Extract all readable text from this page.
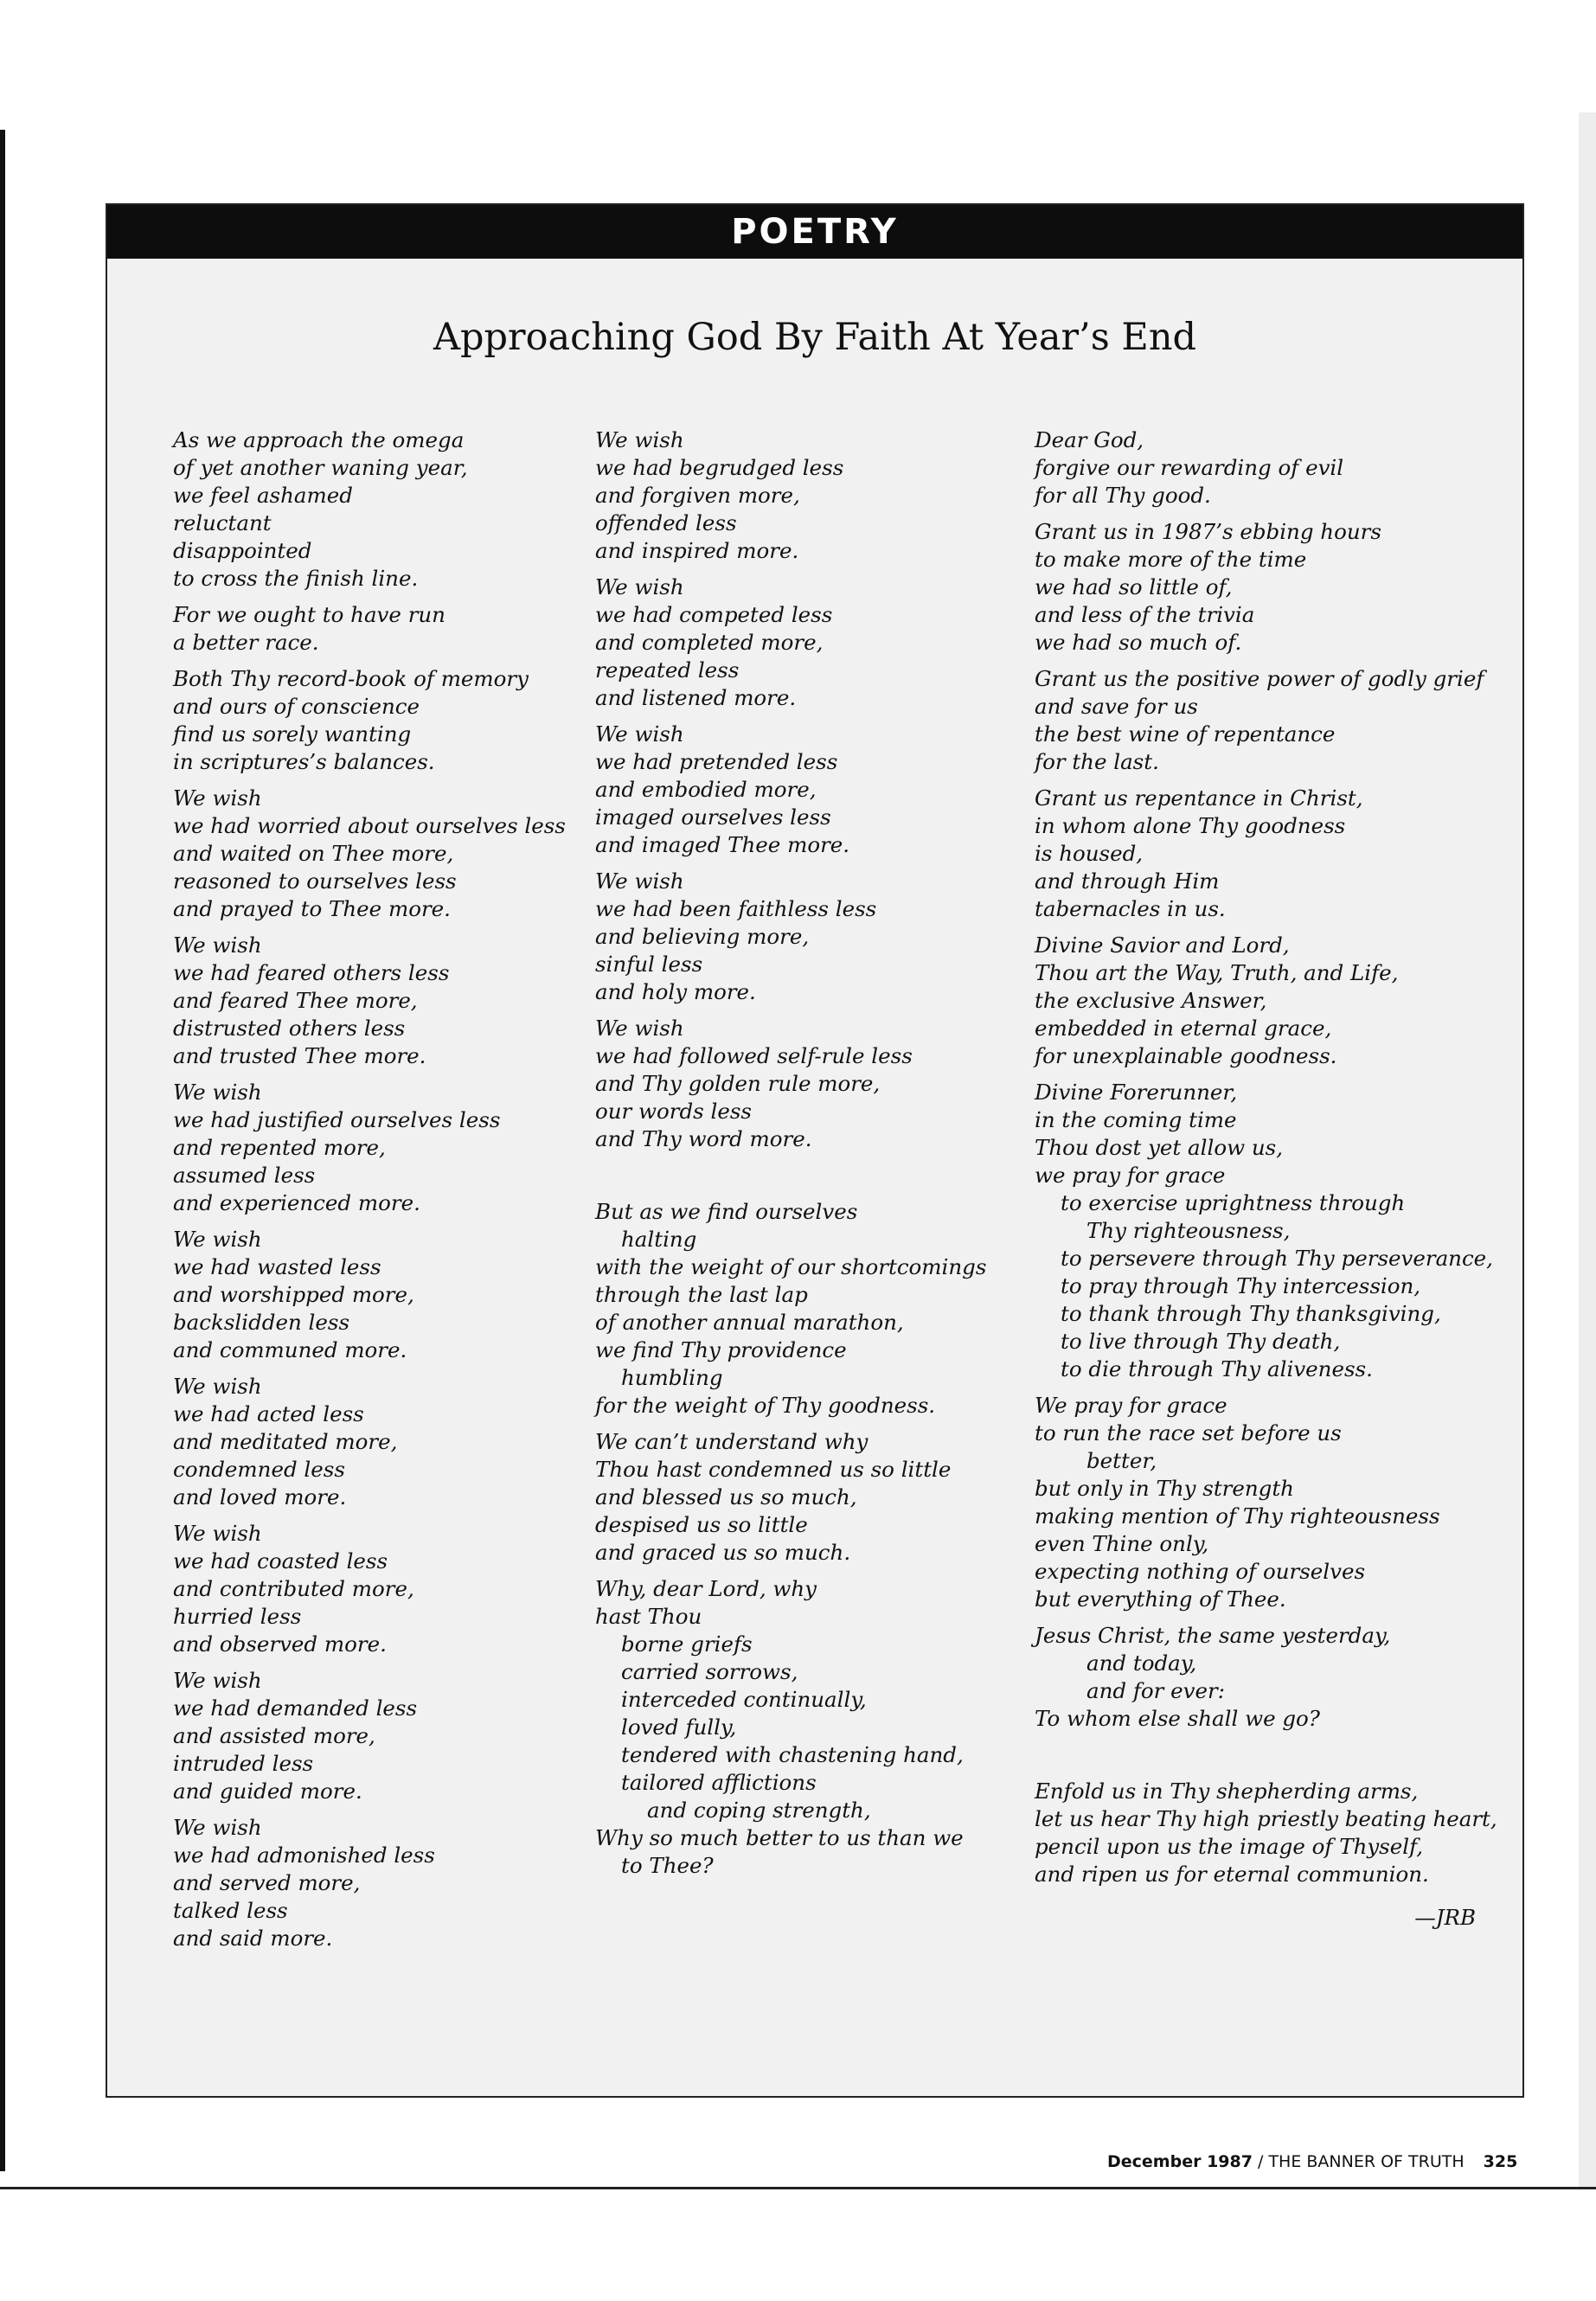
POETRY
Approaching God By Faith At Year’s End
As we approach the omega
of yet another waning year,
we feel ashamed
reluctant
disappointed
to cross the finish line.
For we ought to have run
a better race.
Both Thy record-book of memory
and ours of conscience
find us sorely wanting
in scriptures’s balances.
We wish
we had worried about ourselves less
and waited on Thee more,
reasoned to ourselves less
and prayed to Thee more.
We wish
we had feared others less
and feared Thee more,
distrusted others less
and trusted Thee more.
We wish
we had justified ourselves less
and repented more,
assumed less
and experienced more.
We wish
we had wasted less
and worshipped more,
backslidden less
and communed more.
We wish
we had acted less
and meditated more,
condemned less
and loved more.
We wish
we had coasted less
and contributed more,
hurried less
and observed more.
We wish
we had demanded less
and assisted more,
intruded less
and guided more.
We wish
we had admonished less
and served more,
talked less
and said more.
We wish
we had begrudged less
and forgiven more,
offended less
and inspired more.
We wish
we had competed less
and completed more,
repeated less
and listened more.
We wish
we had pretended less
and embodied more,
imaged ourselves less
and imaged Thee more.
We wish
we had been faithless less
and believing more,
sinful less
and holy more.
We wish
we had followed self-rule less
and Thy golden rule more,
our words less
and Thy word more.
But as we find ourselves
halting
with the weight of our shortcomings
through the last lap
of another annual marathon,
we find Thy providence
humbling
for the weight of Thy goodness.
We can’t understand why
Thou hast condemned us so little
and blessed us so much,
despised us so little
and graced us so much.
Why, dear Lord, why
hast Thou
borne griefs
carried sorrows,
interceded continually,
loved fully,
tendered with chastening hand,
tailored afflictions
and coping strength,
Why so much better to us than we
to Thee?
Dear God,
forgive our rewarding of evil
for all Thy good.
Grant us in 1987’s ebbing hours
to make more of the time
we had so little of,
and less of the trivia
we had so much of.
Grant us the positive power of godly grief
and save for us
the best wine of repentance
for the last.
Grant us repentance in Christ,
in whom alone Thy goodness
is housed,
and through Him
tabernacles in us.
Divine Savior and Lord,
Thou art the Way, Truth, and Life,
the exclusive Answer,
embedded in eternal grace,
for unexplainable goodness.
Divine Forerunner,
in the coming time
Thou dost yet allow us,
we pray for grace
to exercise uprightness through
Thy righteousness,
to persevere through Thy perseverance,
to pray through Thy intercession,
to thank through Thy thanksgiving,
to live through Thy death,
to die through Thy aliveness.
We pray for grace
to run the race set before us
better,
but only in Thy strength
making mention of Thy righteousness
even Thine only,
expecting nothing of ourselves
but everything of Thee.
Jesus Christ, the same yesterday,
and today,
and for ever:
To whom else shall we go?
Enfold us in Thy shepherding arms,
let us hear Thy high priestly beating heart,
pencil upon us the image of Thyself,
and ripen us for eternal communion.
—JRB
December 1987 / THE BANNER OF TRUTH 325
